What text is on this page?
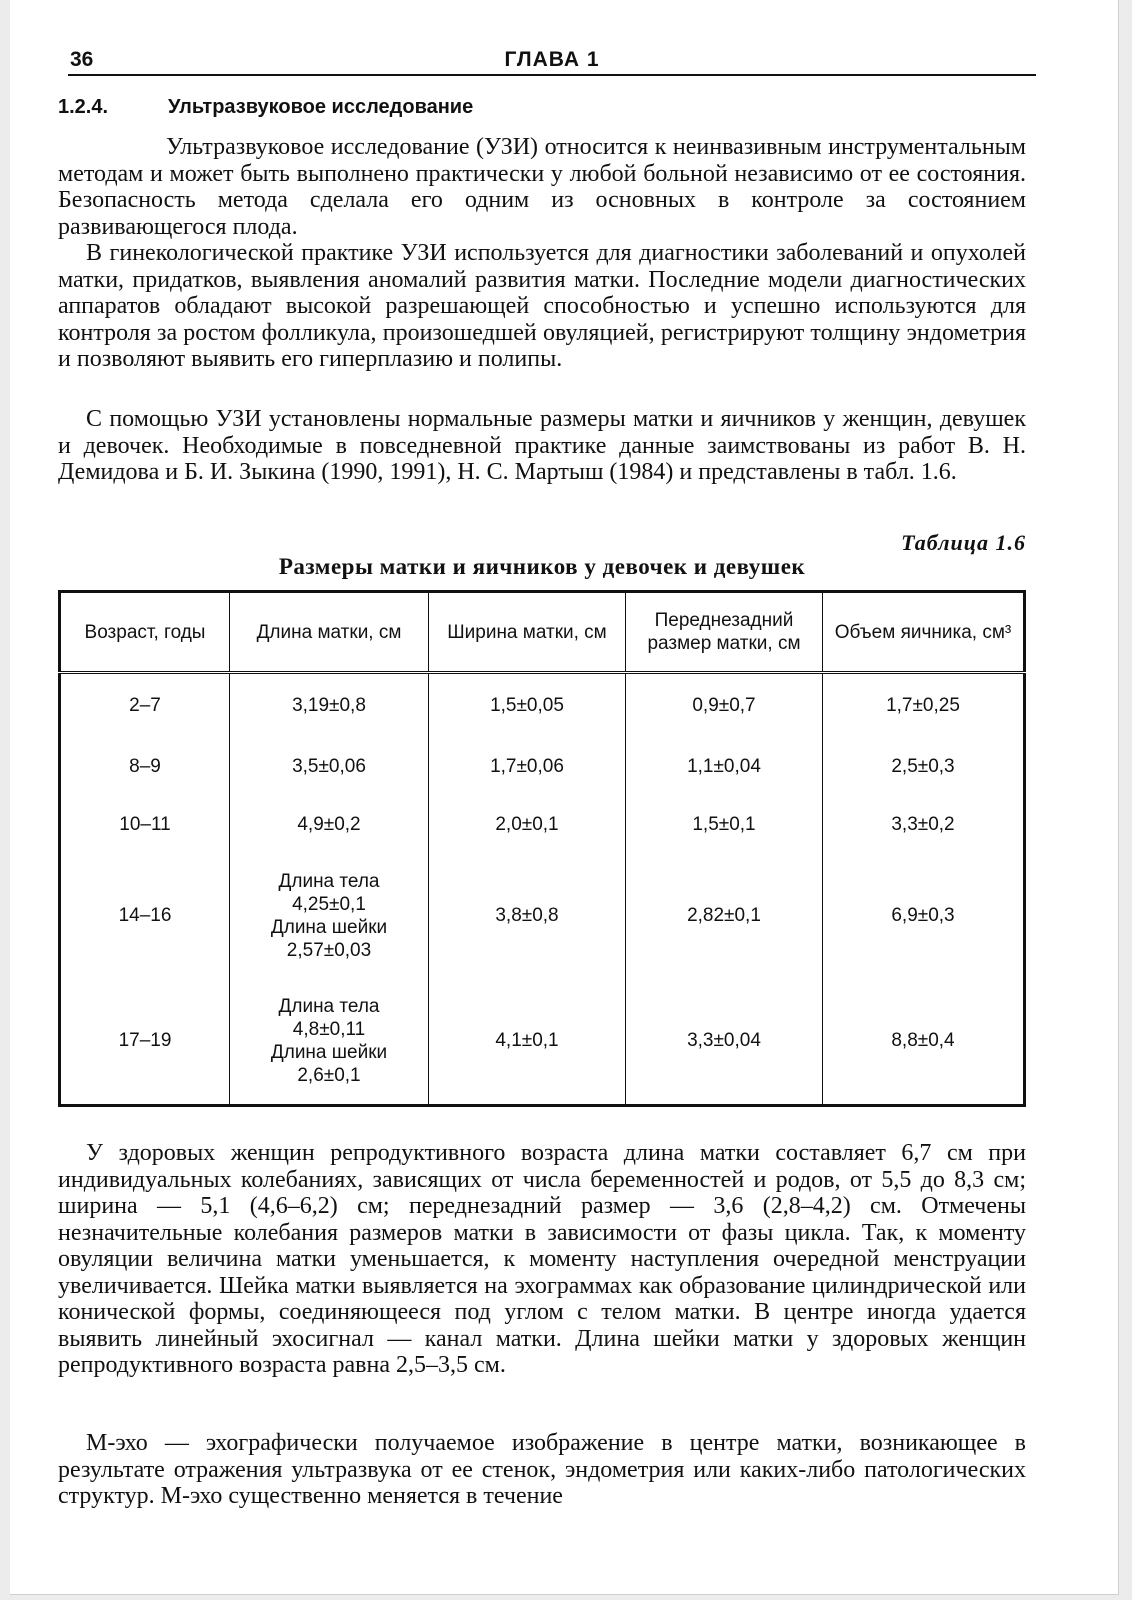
36	ГЛАВА 1
1.2.4.	Ультразвуковое исследование

Ультразвуковое исследование (УЗИ) относится к неинвазивным инструментальным методам и может быть выполнено практически у любой больной независимо от ее состояния. Безопасность метода сделала его одним из основных в контроле за состоянием развивающегося плода.

В гинекологической практике УЗИ используется для диагностики заболеваний и опухолей матки, придатков, выявления аномалий развития матки. Последние модели диагностических аппаратов обладают высокой разрешающей способностью и успешно используются для контроля за ростом фолликула, произошедшей овуляцией, регистрируют толщину эндометрия и позволяют выявить его гиперплазию и полипы.

С помощью УЗИ установлены нормальные размеры матки и яичников у женщин, девушек и девочек. Необходимые в повседневной практике данные заимствованы из работ В. Н. Демидова и Б. И. Зыкина (1990, 1991), Н. С. Мартыш (1984) и представлены в табл. 1.6.

Таблица 1.6
Размеры матки и яичников у девочек и девушек
Возраст, годы	Длина матки, см	Ширина матки, см	Переднезадний размер матки, см	Объем яичника, см³
2–7	3,19±0,8	1,5±0,05	0,9±0,7	1,7±0,25
8–9	3,5±0,06	1,7±0,06	1,1±0,04	2,5±0,3
10–11	4,9±0,2	2,0±0,1	1,5±0,1	3,3±0,2
14–16	Длина тела
4,25±0,1
Длина шейки
2,57±0,03	3,8±0,8	2,82±0,1	6,9±0,3
17–19	Длина тела
4,8±0,11
Длина шейки
2,6±0,1	4,1±0,1	3,3±0,04	8,8±0,4

У здоровых женщин репродуктивного возраста длина матки составляет 6,7 см при индивидуальных колебаниях, зависящих от числа беременностей и родов, от 5,5 до 8,3 см; ширина — 5,1 (4,6–6,2) см; переднезадний размер — 3,6 (2,8–4,2) см. Отмечены незначительные колебания размеров матки в зависимости от фазы цикла. Так, к моменту овуляции величина матки уменьшается, к моменту наступления очередной менструации увеличивается. Шейка матки выявляется на эхограммах как образование цилиндрической или конической формы, соединяющееся под углом с телом матки. В центре иногда удается выявить линейный эхосигнал — канал матки. Длина шейки матки у здоровых женщин репродуктивного возраста равна 2,5–3,5 см.

М-эхо — эхографически получаемое изображение в центре матки, возникающее в результате отражения ультразвука от ее стенок, эндометрия или каких-либо патологических структур. М-эхо существенно меняется в течение
